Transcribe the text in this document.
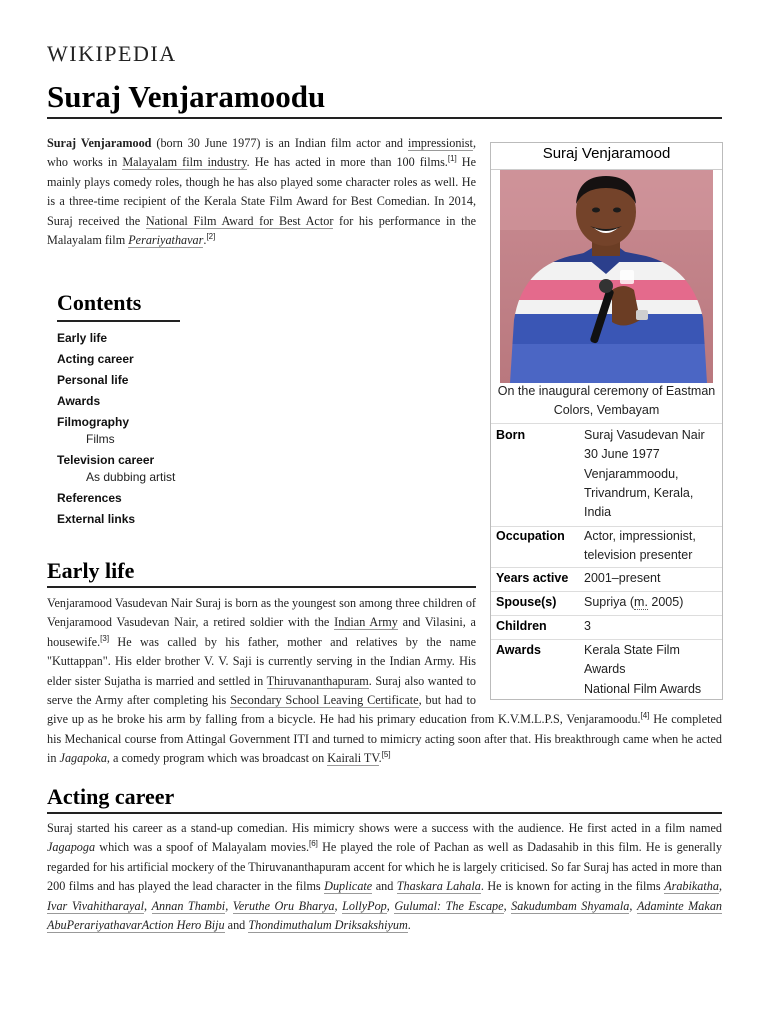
WIKIPEDIA
Suraj Venjaramoodu

Suraj Venjaramood (born 30 June 1977) is an Indian film actor and impressionist, who works in Malayalam film industry. He has acted in more than 100 films.[1] He mainly plays comedy roles, though he has also played some character roles as well. He is a three-time recipient of the Kerala State Film Award for Best Comedian. In 2014, Suraj received the National Film Award for Best Actor for his performance in the Malayalam film Perariyathavar.[2]

Contents
Early life
Acting career
Personal life
Awards
Filmography
Films
Television career
As dubbing artist
References
External links
Early life

Venjaramood Vasudevan Nair Suraj is born as the youngest son among three children of Venjaramood Vasudevan Nair, a retired soldier with the Indian Army and Vilasini, a housewife.[3] He was called by his father, mother and relatives by the name "Kuttappan". His elder brother V. V. Saji is currently serving in the Indian Army. His elder sister Sujatha is married and settled in Thiruvananthapuram. Suraj also wanted to serve the Army after completing his Secondary School Leaving Certificate, but had to give up as he broke his arm by falling from a bicycle. He had his primary education from K.V.M.L.P.S, Venjaramoodu.[4] He completed his Mechanical course from Attingal Government ITI and turned to mimicry acting soon after that. His breakthrough came when he acted in Jagapoka, a comedy program which was broadcast on Kairali TV.[5]

Acting career

Suraj started his career as a stand-up comedian. His mimicry shows were a success with the audience. He first acted in a film named Jagapoga which was a spoof of Malayalam movies.[6] He played the role of Pachan as well as Dadasahib in this film. He is generally regarded for his artificial mockery of the Thiruvananthapuram accent for which he is largely criticised. So far Suraj has acted in more than 200 films and has played the lead character in the films Duplicate and Thaskara Lahala. He is known for acting in the films Arabikatha, Ivar Vivahitharayal, Annan Thambi, Veruthe Oru Bharya, LollyPop, Gulumal: The Escape, Sakudumbam Shyamala, Adaminte Makan AbuPerariyathavarAction Hero Biju and Thondimuthalum Driksakshiyum.

Suraj Venjaramood
On the inaugural ceremony of Eastman Colors, Vembayam
Born	Suraj Vasudevan Nair
30 June 1977
Venjarammoodu,
Trivandrum, Kerala,
India
Occupation Actor, impressionist,
television presenter
Years active 2001–present
Spouse(s) Supriya (m. 2005)
Children	3
Awards	Kerala State Film
Awards
National Film Awards
